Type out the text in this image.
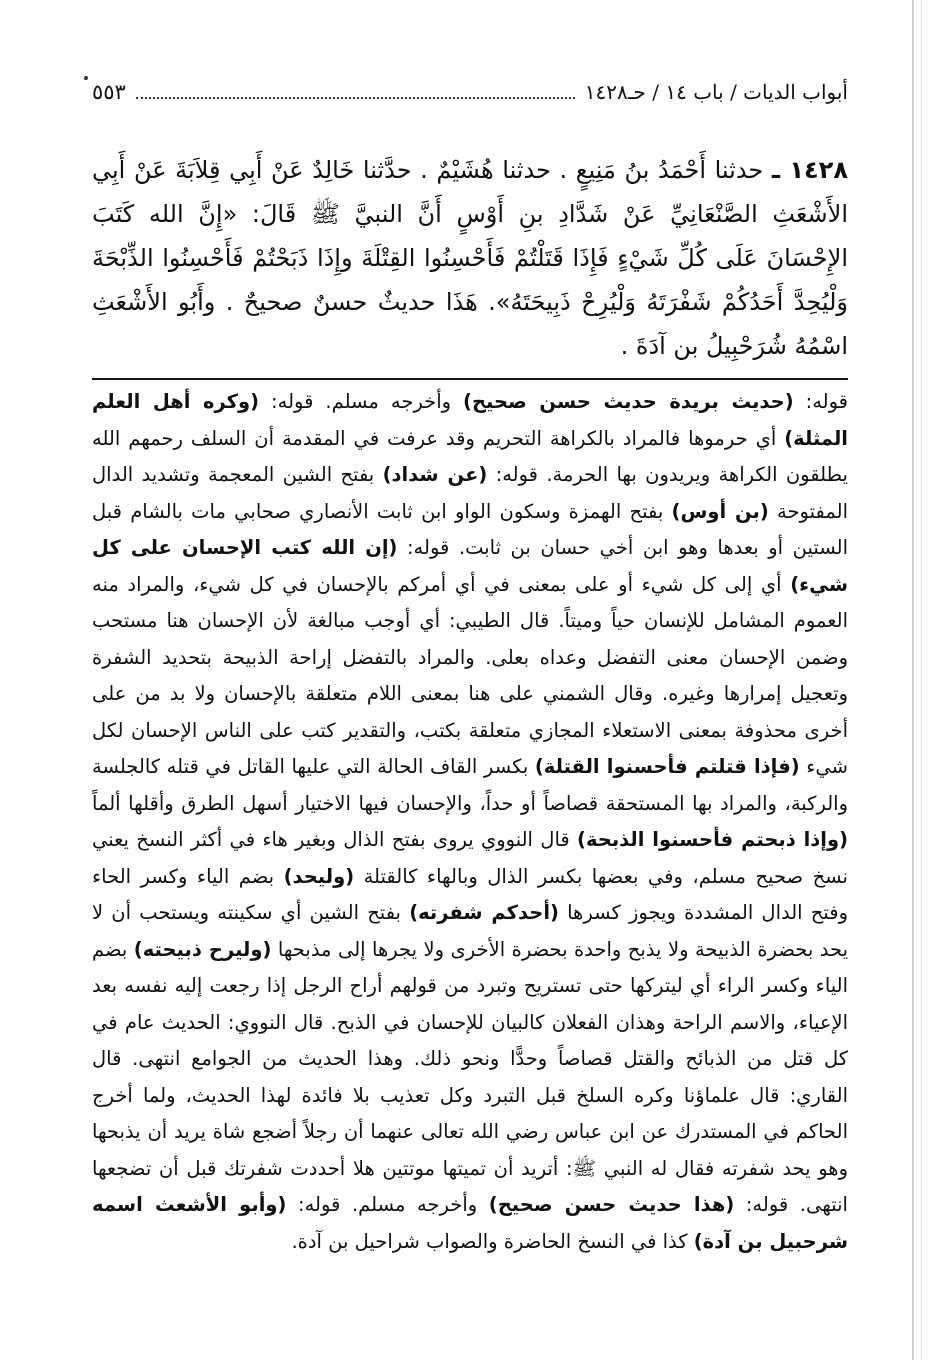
أبواب الديات / باب ١٤ / حـ١٤٢٨
٥٥٣
١٤٢٨ ـ حدثنا أَحْمَدُ بنُ مَنِيعٍ . حدثنا هُشَيْمٌ . حدَّثنا خَالِدٌ عَنْ أَبِي قِلاَبَةَ عَنْ أَبِي الأَشْعَثِ الصَّنْعَانِيِّ عَنْ شَدَّادِ بنِ أَوْسٍ أَنَّ النبيَّ ﷺ قَالَ: «إِنَّ الله كَتَبَ الإِحْسَانَ عَلَى كُلِّ شَيْءٍ فَإِذَا قَتَلْتُمْ فَأَحْسِنُوا القِتْلَةَ وإِذَا ذَبَحْتُمْ فَأَحْسِنُوا الذِّبْحَةَ وَلْيُحِدَّ أَحَدُكُمْ شَفْرَتَهُ وَلْيُرِحْ ذَبِيحَتَهُ». هَذَا حديثٌ حسنٌ صحيحٌ . وأَبُو الأَشْعَثِ اسْمُهُ شُرَحْبِيلُ بن آدَةَ .
قوله: (حديث بريدة حديث حسن صحيح) وأخرجه مسلم. قوله: (وكره أهل العلم المثلة) أي حرموها فالمراد بالكراهة التحريم وقد عرفت في المقدمة أن السلف رحمهم الله يطلقون الكراهة ويريدون بها الحرمة. قوله: (عن شداد) بفتح الشين المعجمة وتشديد الدال المفتوحة (بن أوس) بفتح الهمزة وسكون الواو ابن ثابت الأنصاري صحابي مات بالشام قبل الستين أو بعدها وهو ابن أخي حسان بن ثابت. قوله: (إن الله كتب الإحسان على كل شيء) أي إلى كل شيء أو على بمعنى في أي أمركم بالإحسان في كل شيء، والمراد منه العموم المشامل للإنسان حياً وميتاً. قال الطيبي: أي أوجب مبالغة لأن الإحسان هنا مستحب وضمن الإحسان معنى التفضل وعداه بعلى. والمراد بالتفضل إراحة الذبيحة بتحديد الشفرة وتعجيل إمرارها وغيره. وقال الشمني على هنا بمعنى اللام متعلقة بالإحسان ولا بد من على أخرى محذوفة بمعنى الاستعلاء المجازي متعلقة بكتب، والتقدير كتب على الناس الإحسان لكل شيء (فإذا قتلتم فأحسنوا القتلة) بكسر القاف الحالة التي عليها القاتل في قتله كالجلسة والركبة، والمراد بها المستحقة قصاصاً أو حداً، والإحسان فيها الاختيار أسهل الطرق وأقلها ألماً (وإذا ذبحتم فأحسنوا الذبحة) قال النووي يروى بفتح الذال وبغير هاء في أكثر النسخ يعني نسخ صحيح مسلم، وفي بعضها بكسر الذال وبالهاء كالقتلة (وليحد) بضم الياء وكسر الحاء وفتح الدال المشددة ويجوز كسرها (أحدكم شفرته) بفتح الشين أي سكينته ويستحب أن لا يحد بحضرة الذبيحة ولا يذبح واحدة بحضرة الأخرى ولا يجرها إلى مذبحها (وليرح ذبيحته) بضم الياء وكسر الراء أي ليتركها حتى تستريح وتبرد من قولهم أراح الرجل إذا رجعت إليه نفسه بعد الإعياء، والاسم الراحة وهذان الفعلان كالبيان للإحسان في الذبح. قال النووي: الحديث عام في كل قتل من الذبائح والقتل قصاصاً وحدًّا ونحو ذلك. وهذا الحديث من الجوامع انتهى. قال القاري: قال علماؤنا وكره السلخ قبل التبرد وكل تعذيب بلا فائدة لهذا الحديث، ولما أخرج الحاكم في المستدرك عن ابن عباس رضي الله تعالى عنهما أن رجلاً أضجع شاة يريد أن يذبحها وهو يحد شفرته فقال له النبي ﷺ: أتريد أن تميتها موتتين هلا أحددت شفرتك قبل أن تضجعها انتهى. قوله: (هذا حديث حسن صحيح) وأخرجه مسلم. قوله: (وأبو الأشعث اسمه شرحبيل بن آدة) كذا في النسخ الحاضرة والصواب شراحيل بن آدة.
